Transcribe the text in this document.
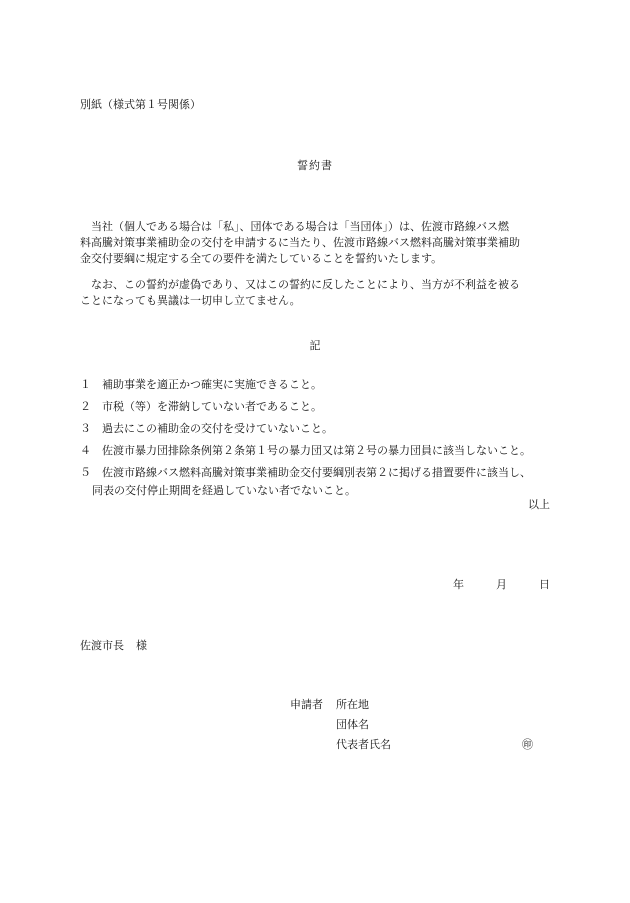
別紙（様式第１号関係）
誓約書
　当社（個人である場合は「私」、団体である場合は「当団体」）は、佐渡市路線バス燃
料高騰対策事業補助金の交付を申請するに当たり、佐渡市路線バス燃料高騰対策事業補助
金交付要綱に規定する全ての要件を満たしていることを誓約いたします。
　なお、この誓約が虚偽であり、又はこの誓約に反したことにより、当方が不利益を被る
ことになっても異議は一切申し立てません。
記
１ 補助事業を適正かつ確実に実施できること。
２ 市税（等）を滞納していない者であること。
３ 過去にこの補助金の交付を受けていないこと。
４ 佐渡市暴力団排除条例第２条第１号の暴力団又は第２号の暴力団員に該当しないこと。
５ 佐渡市路線バス燃料高騰対策事業補助金交付要綱別表第２に掲げる措置要件に該当し、
同表の交付停止期間を経過していない者でないこと。
以上
年	月	日
佐渡市長 様
申請者 所在地
団体名
代表者氏名	㊞
